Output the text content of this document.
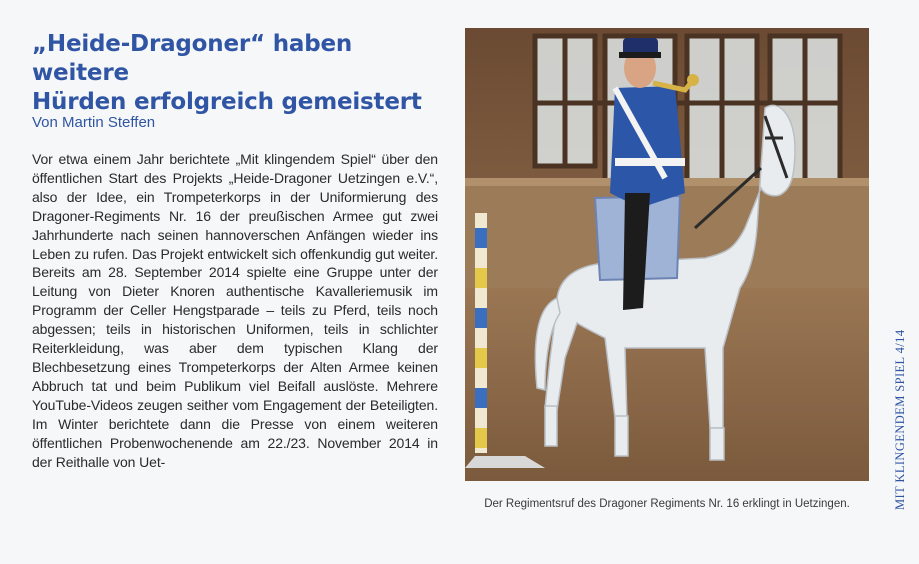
„Heide-Dragoner“ haben weitere
Hürden erfolgreich gemeistert
Von Martin Steffen

Vor etwa einem Jahr berichtete „Mit klingendem Spiel“ über den öffentlichen Start des Projekts „Heide-Dragoner Uetzingen e.V.“, also der Idee, ein Trompeterkorps in der Uniformierung des Dragoner-Regiments Nr. 16 der preußischen Armee gut zwei Jahrhunderte nach seinen hannoverschen Anfängen wieder ins Leben zu rufen. Das Projekt entwickelt sich offenkundig gut weiter. Bereits am 28. September 2014 spielte eine Gruppe unter der Leitung von Dieter Knoren authentische Kavalleriemusik im Programm der Celler Hengstparade – teils zu Pferd, teils noch abgessen; teils in historischen Uniformen, teils in schlichter Reiterkleidung, was aber dem typischen Klang der Blechbesetzung eines Trompeterkorps der Alten Armee keinen Abbruch tat und beim Publikum viel Beifall auslöste. Mehrere YouTube-Videos zeugen seither vom Engagement der Beteiligten. Im Winter berichtete dann die Presse von einem weiteren öffentlichen Probenwochenende am 22./23. November 2014 in der Reithalle von Uet-

Der Regimentsruf des Dragoner Regiments Nr. 16 erklingt in Uetzingen.	MIT KLINGENDEM SPIEL 4/14
